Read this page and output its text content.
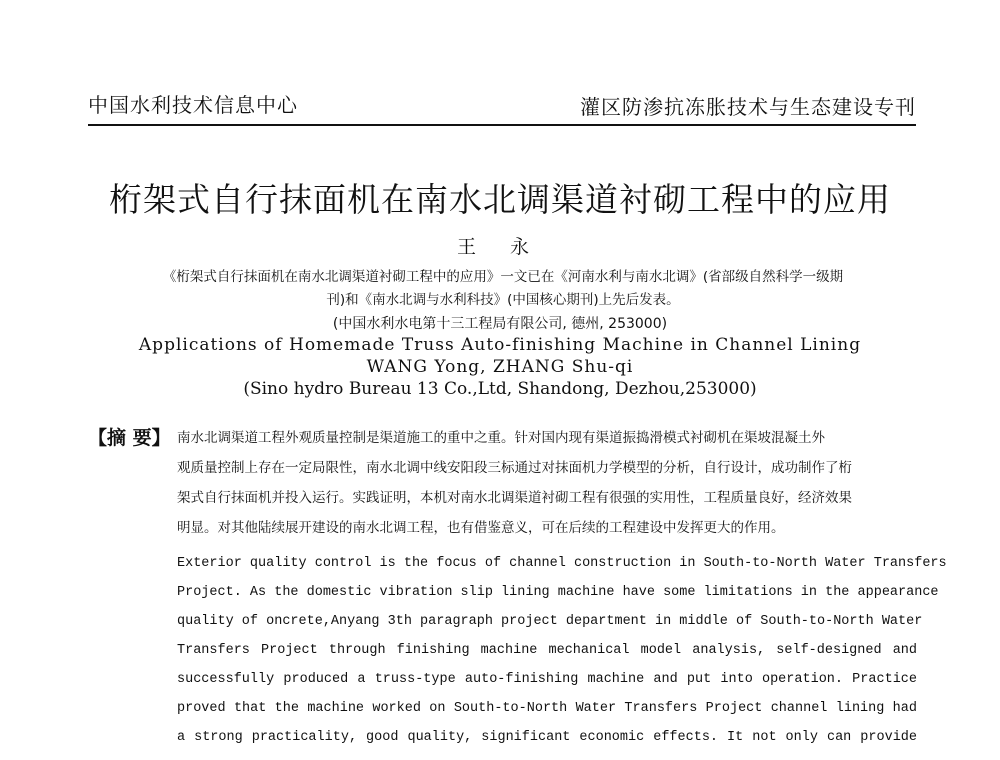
中国水利技术信息中心	灌区防渗抗冻胀技术与生态建设专刊
桁架式自行抹面机在南水北调渠道衬砌工程中的应用
王 永
《桁架式自行抹面机在南水北调渠道衬砌工程中的应用》一文已在《河南水利与南水北调》(省部级自然科学一级期
刊)和《南水北调与水利科技》(中国核心期刊)上先后发表。
(中国水利水电第十三工程局有限公司, 德州, 253000)
Applications of Homemade Truss Auto-finishing Machine in Channel Lining
WANG Yong, ZHANG Shu-qi
(Sino hydro Bureau 13 Co.,Ltd, Shandong, Dezhou,253000)
【摘 要】 南水北调渠道工程外观质量控制是渠道施工的重中之重。针对国内现有渠道振捣滑模式衬砌机在渠坡混凝土外
观质量控制上存在一定局限性，南水北调中线安阳段三标通过对抹面机力学模型的分析，自行设计，成功制作了桁
架式自行抹面机并投入运行。实践证明，本机对南水北调渠道衬砌工程有很强的实用性，工程质量良好，经济效果
明显。对其他陆续展开建设的南水北调工程，也有借鉴意义，可在后续的工程建设中发挥更大的作用。
Exterior quality control is the focus of channel construction in South-to-North Water Transfers
Project. As the domestic vibration slip lining machine have some limitations in the appearance
quality of oncrete,Anyang 3th paragraph project department in middle of South-to-North Water
Transfers Project through finishing machine mechanical model analysis, self-designed and
successfully produced a truss-type auto-finishing machine and put into operation. Practice
proved that the machine worked on South-to-North Water Transfers Project channel lining had
a strong practicality, good quality, significant economic effects. It not only can provide
